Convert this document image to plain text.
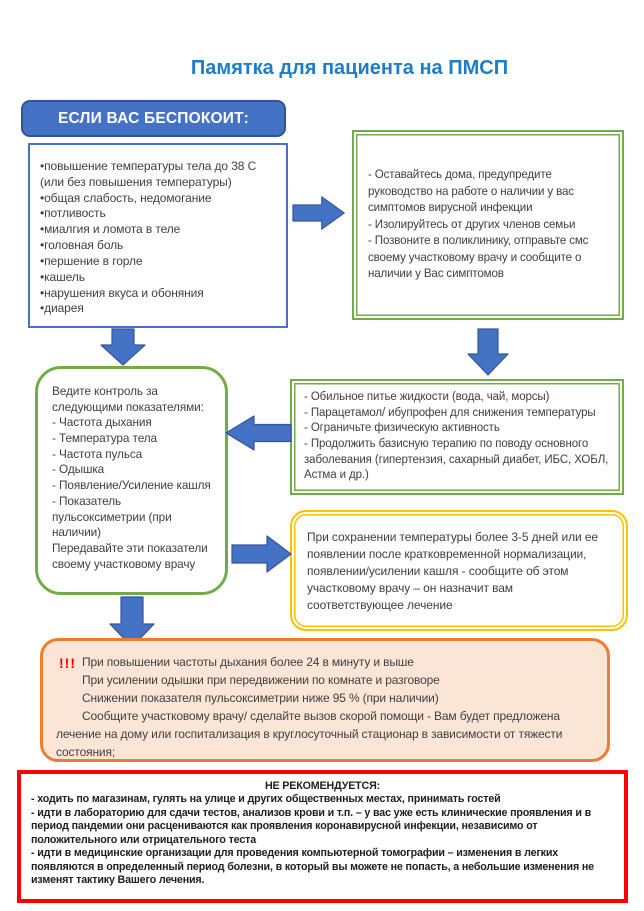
Памятка для пациента на ПМСП
ЕСЛИ ВАС БЕСПОКОИТ:

•повышение температуры тела до 38 С (или без повышения температуры)

•общая слабость, недомогание

•потливость

•миалгия и ломота в теле

•головная боль

•першение в горле

•кашель

•нарушения вкуса и обоняния

•диарея

- Оставайтесь дома, предупредите руководство на работе о наличии у вас симптомов вирусной инфекции

- Изолируйтесь от других членов семьи

- Позвоните в поликлинику, отправьте смс своему участковому врачу и сообщите о наличии у Вас симптомов

Ведите контроль за следующими показателями:

- Частота дыхания

- Температура тела

- Частота пульса

- Одышка

- Появление/Усиление кашля

- Показатель пульсоксиметрии (при наличии)

Передавайте эти показатели своему участковому врачу

- Обильное питье жидкости (вода, чай, морсы)

- Парацетамол/ ибупрофен для снижения температуры

- Ограничьте физическую активность

- Продолжить базисную терапию по поводу основного заболевания (гипертензия, сахарный диабет, ИБС, ХОБЛ, Астма и др.)

При сохранении температуры более 3-5 дней или ее появлении после кратковременной нормализации, появлении/усилении кашля - сообщите об этом участковому врачу – он назначит вам соответствующее лечение

!!! При повышении частоты дыхания более 24 в минуту и выше

При усилении одышки при передвижении по комнате и разговоре

Снижении показателя пульсоксиметрии ниже 95 % (при наличии)

Сообщите участковому врачу/ сделайте вызов скорой помощи - Вам будет предложена лечение на дому или госпитализация в круглосуточный стационар в зависимости от тяжести состояния;

НЕ РЕКОМЕНДУЕТСЯ:

- ходить по магазинам, гулять на улице и других общественных местах, принимать гостей

- идти в лабораторию для сдачи тестов, анализов крови и т.п. – у вас уже есть клинические проявления и в период пандемии они расцениваются как проявления коронавирусной инфекции, независимо от положительного или отрицательного теста

- идти в медицинские организации для проведения компьютерной томографии – изменения в легких появляются в определенный период болезни, в который вы можете не попасть, а небольшие изменения не изменят тактику Вашего лечения.
